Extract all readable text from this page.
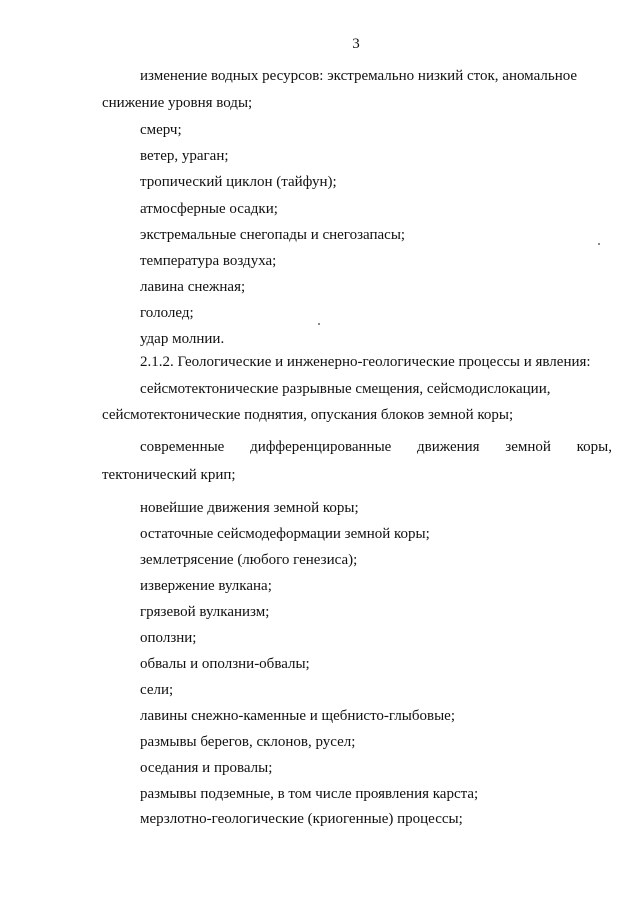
3
изменение водных ресурсов: экстремально низкий сток, аномальное
снижение уровня воды;
смерч;
ветер, ураган;
тропический циклон (тайфун);
атмосферные осадки;
экстремальные снегопады и снегозапасы;
температура воздуха;
лавина снежная;
гололед;
удар молнии.
2.1.2. Геологические и инженерно-геологические процессы и явления:
сейсмотектонические разрывные смещения, сейсмодислокации,
сейсмотектонические поднятия, опускания блоков земной коры;
современные дифференцированные движения земной коры,
тектонический крип;
новейшие движения земной коры;
остаточные сейсмодеформации земной коры;
землетрясение (любого генезиса);
извержение вулкана;
грязевой вулканизм;
оползни;
обвалы и оползни-обвалы;
сели;
лавины снежно-каменные и щебнисто-глыбовые;
размывы берегов, склонов, русел;
оседания и провалы;
размывы подземные, в том числе проявления карста;
мерзлотно-геологические (криогенные) процессы;
